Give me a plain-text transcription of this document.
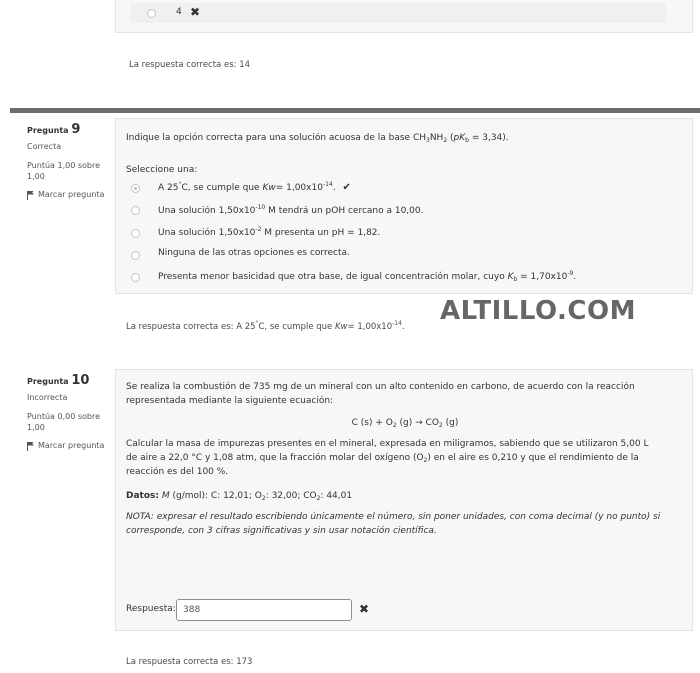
4 ✖
La respuesta correcta es: 14
Pregunta 9
Correcta
Puntúa 1,00 sobre
1,00
Marcar pregunta
Indique la opción correcta para una solución acuosa de la base $CH_3NH_2$ $(pK_b = 3,34)$.
Seleccione una:
A 25°C, se cumple que $Kw= 1,00x10^{-14}$. ✔
Una solución $1,50x10^{-10}$ M tendrá un pOH cercano a 10,00.
Una solución $1,50x10^{-2}$ M presenta un pH = 1,82.
Ninguna de las otras opciones es correcta.
Presenta menor basicidad que otra base, de igual concentración molar, cuyo $K_b = 1,70x10^{-9}$.
ALTILLO.COM
La respuesta correcta es: A 25°C, se cumple que $Kw= 1,00x10^{-14}$.
Pregunta 10
Incorrecta
Puntúa 0,00 sobre
1,00
Marcar pregunta
Se realiza la combustión de 735 mg de un mineral con un alto contenido en carbono, de acuerdo con la reacción
representada mediante la siguiente ecuación:
C $(s) + O_2$ $(g) \to CO_2$ (g)
Calcular la masa de impurezas presentes en el mineral, expresada en miligramos, sabiendo que se utilizaron 5,00 L
de aire a 22,0 °C y 1,08 atm, que la fracción molar del oxígeno $(O_2)$ en el aire es 0,210 y que el rendimiento de la
reacción es del 100 %.
Datos: M (g/mol): C: 12,01; $O_2$: 32,00; $CO_2$: 44,01
NOTA: expresar el resultado escribiendo únicamente el número, sin poner unidades, con coma decimal (y no punto) si
corresponde, con 3 cifras significativas y sin usar notación científica.
Respuesta:
388	✖
La respuesta correcta es: 173
